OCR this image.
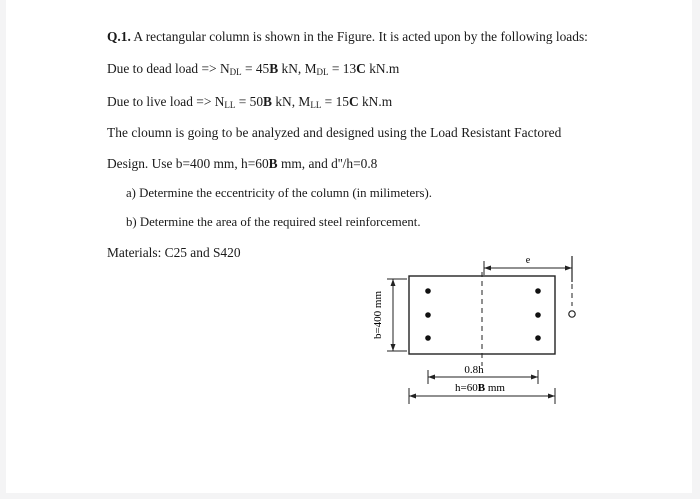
Q.1. A rectangular column is shown in the Figure. It is acted upon by the following loads:
Due to dead load => $N_{DL} = 45B$ kN, $M_{DL} = 13C$ kN.m
Due to live load => $N_{LL} = 50B$ kN, $M_{LL} = 15C$ kN.m
The cloumn is going to be analyzed and designed using the Load Resistant Factored
Design. Use b=400 mm, h=60B mm, and d''/h=0.8
a) Determine the eccentricity of the column (in milimeters).
b) Determine the area of the required steel reinforcement.
Materials: C25 and S420
e
b=400 mm
0.8h
h=60B mm
